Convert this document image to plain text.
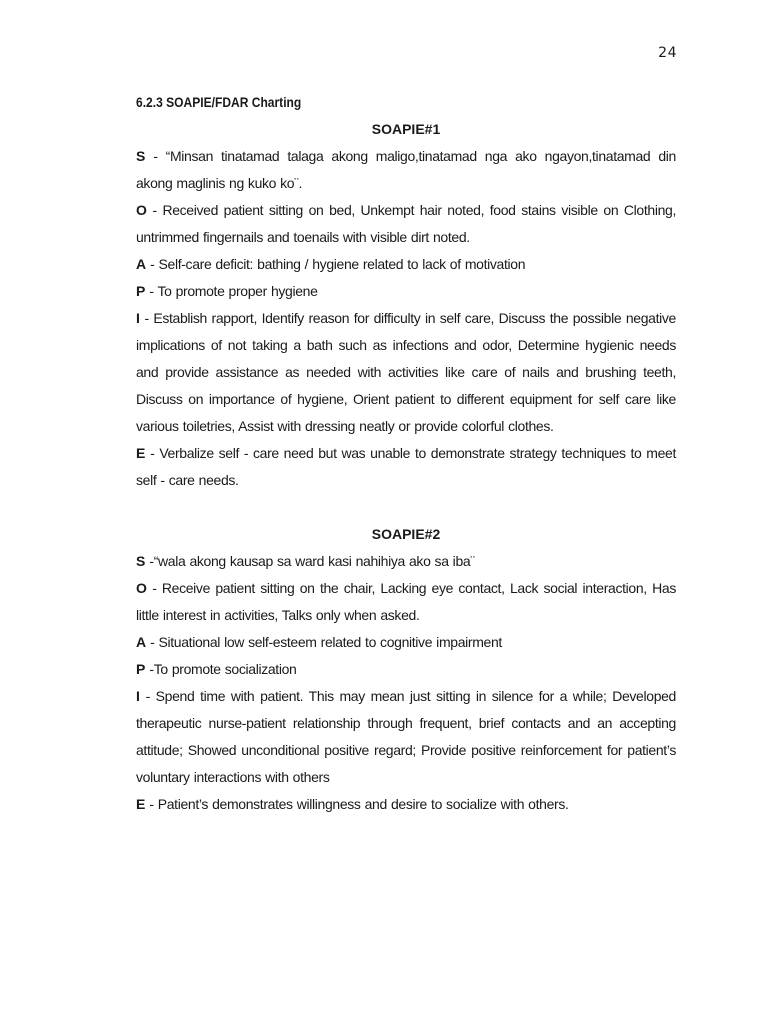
24

6.2.3 SOAPIE/FDAR Charting

SOAPIE#1

S - “Minsan tinatamad talaga akong maligo,tinatamad nga ako ngayon,tinatamad din akong maglinis ng kuko ko¨.

O - Received patient sitting on bed, Unkempt hair noted, food stains visible on Clothing, untrimmed fingernails and toenails with visible dirt noted.

A - Self-care deficit: bathing / hygiene related to lack of motivation

P - To promote proper hygiene

I - Establish rapport, Identify reason for difficulty in self care, Discuss the possible negative implications of not taking a bath such as infections and odor, Determine hygienic needs and provide assistance as needed with activities like care of nails and brushing teeth, Discuss on importance of hygiene, Orient patient to different equipment for self care like various toiletries, Assist with dressing neatly or provide colorful clothes.

E - Verbalize self - care need but was unable to demonstrate strategy techniques to meet self - care needs.

SOAPIE#2

S -“wala akong kausap sa ward kasi nahihiya ako sa iba¨

O - Receive patient sitting on the chair, Lacking eye contact, Lack social interaction, Has little interest in activities, Talks only when asked.

A - Situational low self-esteem related to cognitive impairment

P -To promote socialization

I - Spend time with patient. This may mean just sitting in silence for a while; Developed therapeutic nurse-patient relationship through frequent, brief contacts and an accepting attitude; Showed unconditional positive regard; Provide positive reinforcement for patient’s voluntary interactions with others

E - Patient’s demonstrates willingness and desire to socialize with others.
